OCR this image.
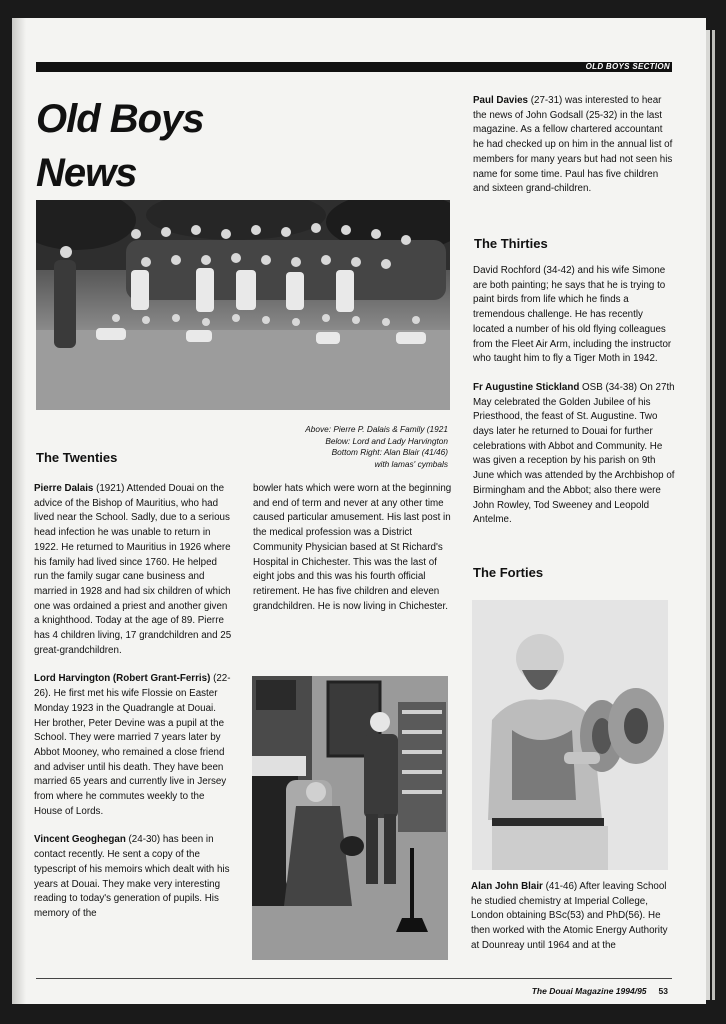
OLD BOYS SECTION
Old Boys
News
Above: Pierre P. Dalais & Family (1921
Below: Lord and Lady Harvington
Bottom Right: Alan Blair (41/46)
with lamas' cymbals
The Twenties

Pierre Dalais (1921) Attended Douai on the advice of the Bishop of Mauritius, who had lived near the School. Sadly, due to a serious head infection he was unable to return in 1922. He returned to Mauritius in 1926 where his family had lived since 1760. He helped run the family sugar cane business and married in 1928 and had six children of which one was ordained a priest and another given a knighthood. Today at the age of 89. Pierre has 4 children living, 17 grandchildren and 25 great-grandchildren.

Lord Harvington (Robert Grant-Ferris) (22-26). He first met his wife Flossie on Easter Monday 1923 in the Quadrangle at Douai. Her brother, Peter Devine was a pupil at the School. They were married 7 years later by Abbot Mooney, who remained a close friend and adviser until his death. They have been married 65 years and currently live in Jersey from where he commutes weekly to the House of Lords.

Vincent Geoghegan (24-30) has been in contact recently. He sent a copy of the typescript of his memoirs which dealt with his years at Douai. They make very interesting reading to today's generation of pupils. His memory of the

bowler hats which were worn at the beginning and end of term and never at any other time caused particular amusement. His last post in the medical profession was a District Community Physician based at St Richard's Hospital in Chichester. This was the last of eight jobs and this was his fourth official retirement. He has five children and eleven grandchildren. He is now living in Chichester.

Paul Davies (27-31) was interested to hear the news of John Godsall (25-32) in the last magazine. As a fellow chartered accountant he had checked up on him in the annual list of members for many years but had not seen his name for some time. Paul has five children and sixteen grand-children.

The Thirties

David Rochford (34-42) and his wife Simone are both painting; he says that he is trying to paint birds from life which he finds a tremendous challenge. He has recently located a number of his old flying colleagues from the Fleet Air Arm, including the instructor who taught him to fly a Tiger Moth in 1942.

Fr Augustine Stickland OSB (34-38) On 27th May celebrated the Golden Jubilee of his Priesthood, the feast of St. Augustine. Two days later he returned to Douai for further celebrations with Abbot and Community. He was given a reception by his parish on 9th June which was attended by the Archbishop of Birmingham and the Abbot; also there were John Rowley, Tod Sweeney and Leopold Antelme.

The Forties

Alan John Blair (41-46) After leaving School he studied chemistry at Imperial College, London obtaining BSc(53) and PhD(56). He then worked with the Atomic Energy Authority at Dounreay until 1964 and at the

The Douai Magazine 1994/95 53
